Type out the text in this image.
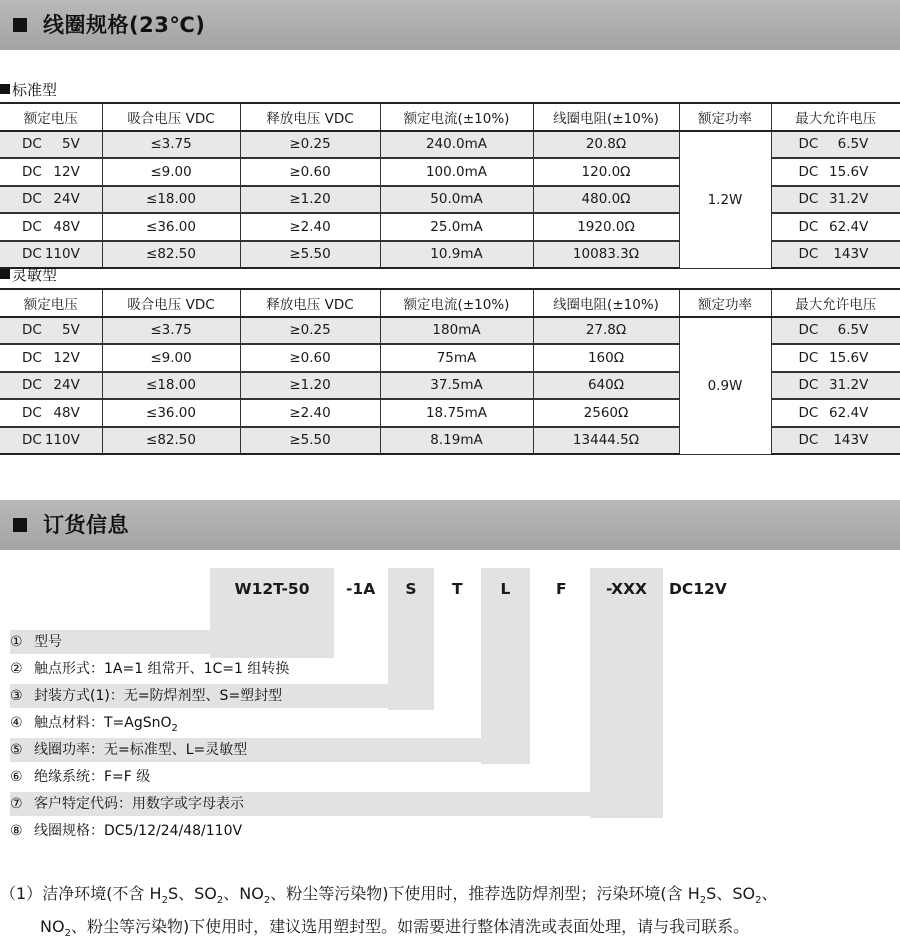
线圈规格(23℃)
标准型
额定电压	吸合电压 VDC	释放电压 VDC	额定电流(±10%)	线圈电阻(±10%)	额定功率	最大允许电压
DC 5V	≤3.75	≥0.25	240.0mA	20.8Ω	1.2W	DC 6.5V
DC 12V	≤9.00	≥0.60	100.0mA	120.0Ω		DC 15.6V
DC 24V	≤18.00	≥1.20	50.0mA	480.0Ω		DC 31.2V
DC 48V	≤36.00	≥2.40	25.0mA	1920.0Ω		DC 62.4V
DC 110V	≤82.50	≥5.50	10.9mA	10083.3Ω		DC 143V
灵敏型
额定电压	吸合电压 VDC	释放电压 VDC	额定电流(±10%)	线圈电阻(±10%)	额定功率	最大允许电压
DC 5V	≤3.75	≥0.25	180mA	27.8Ω	0.9W	DC 6.5V
DC 12V	≤9.00	≥0.60	75mA	160Ω		DC 15.6V
DC 24V	≤18.00	≥1.20	37.5mA	640Ω		DC 31.2V
DC 48V	≤36.00	≥2.40	18.75mA	2560Ω		DC 62.4V
DC 110V	≤82.50	≥5.50	8.19mA	13444.5Ω		DC 143V
订货信息
W12T-50	-1A	S	T	L	F	-XXX	DC12V
① 型号
② 触点形式：1A=1 组常开、1C=1 组转换
③ 封装方式(1)：无=防焊剂型、S=塑封型
④ 触点材料：T=AgSnO$_2$
⑤ 线圈功率：无=标准型、L=灵敏型
⑥ 绝缘系统：F=F 级
⑦ 客户特定代码：用数字或字母表示
⑧ 线圈规格：DC5/12/24/48/110V
（1）洁净环境(不含 $H_2S$、$SO_2$、$NO_2$、粉尘等污染物)下使用时，推荐选防焊剂型；污染环境(含 $H_2S$、$SO_2$、
$NO_2$、粉尘等污染物)下使用时，建议选用塑封型。如需要进行整体清洗或表面处理，请与我司联系。
